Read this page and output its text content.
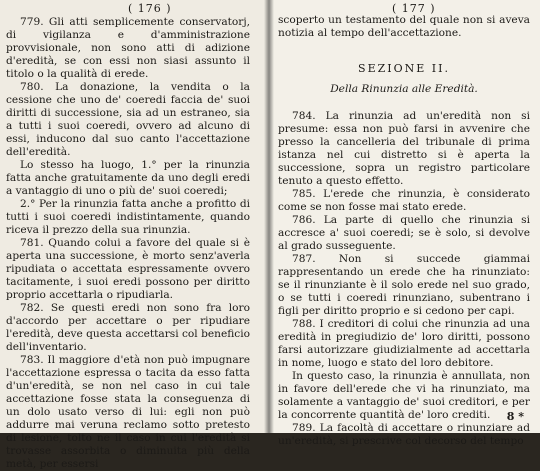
( 176 )

779. Gli atti semplicemente conservatorj, di vigilanza e d'amministrazione provvisionale, non sono atti di adizione d'eredità, se con essi non siasi assunto il titolo o la qualità di erede.

780. La donazione, la vendita o la cessione che uno de' coeredi faccia de' suoi diritti di successione, sia ad un estraneo, sia a tutti i suoi coeredi, ovvero ad alcuno di essi, inducono dal suo canto l'accettazione dell'eredità.

Lo stesso ha luogo, 1.° per la rinunzia fatta anche gratuitamente da uno degli eredi a vantaggio di uno o più de' suoi coeredi;

2.° Per la rinunzia fatta anche a profitto di tutti i suoi coeredi indistintamente, quando riceva il prezzo della sua rinunzia.

781. Quando colui a favore del quale si è aperta una successione, è morto senz'averla ripudiata o accettata espressamente ovvero tacitamente, i suoi eredi possono per diritto proprio accettarla o ripudiarla.

782. Se questi eredi non sono fra loro d'accordo per accettare o per ripudiare l'eredità, deve questa accettarsi col beneficio dell'inventario.

783. Il maggiore d'età non può impugnare l'accettazione espressa o tacita da esso fatta d'un'eredità, se non nel caso in cui tale accettazione fosse stata la conseguenza di un dolo usato verso di lui: egli non può addurre mai veruna reclamo sotto pretesto di lesione, tolto ne il caso in cui l'eredità si trovasse assorbita o diminuita più della metà, per essersi

( 177 )

scoperto un testamento del quale non si aveva notizia al tempo dell'accettazione.

SEZIONE II.
Della Rinunzia alle Eredità.

784. La rinunzia ad un'eredità non si presume: essa non può farsi in avvenire che presso la cancelleria del tribunale di prima istanza nel cui distretto si è aperta la successione, sopra un registro particolare tenuto a questo effetto.

785. L'erede che rinunzia, è considerato come se non fosse mai stato erede.

786. La parte di quello che rinunzia si accresce a' suoi coeredi; se è solo, si devolve al grado susseguente.

787. Non si succede giammai rappresentando un erede che ha rinunziato: se il rinunziante è il solo erede nel suo grado, o se tutti i coeredi rinunziano, subentrano i figli per diritto proprio e si cedono per capi.

788. I creditori di colui che rinunzia ad una eredità in pregiudizio de' loro diritti, possono farsi autorizzare giudizialmente ad accettarla in nome, luogo e stato del loro debitore.

In questo caso, la rinunzia è annullata, non in favore dell'erede che vi ha rinunziato, ma solamente a vantaggio de' suoi creditori, e per la concorrente quantità de' loro crediti.

789. La facoltà di accettare o rinunziare ad un'eredità, si prescrive col decorso del tempo

8 *
